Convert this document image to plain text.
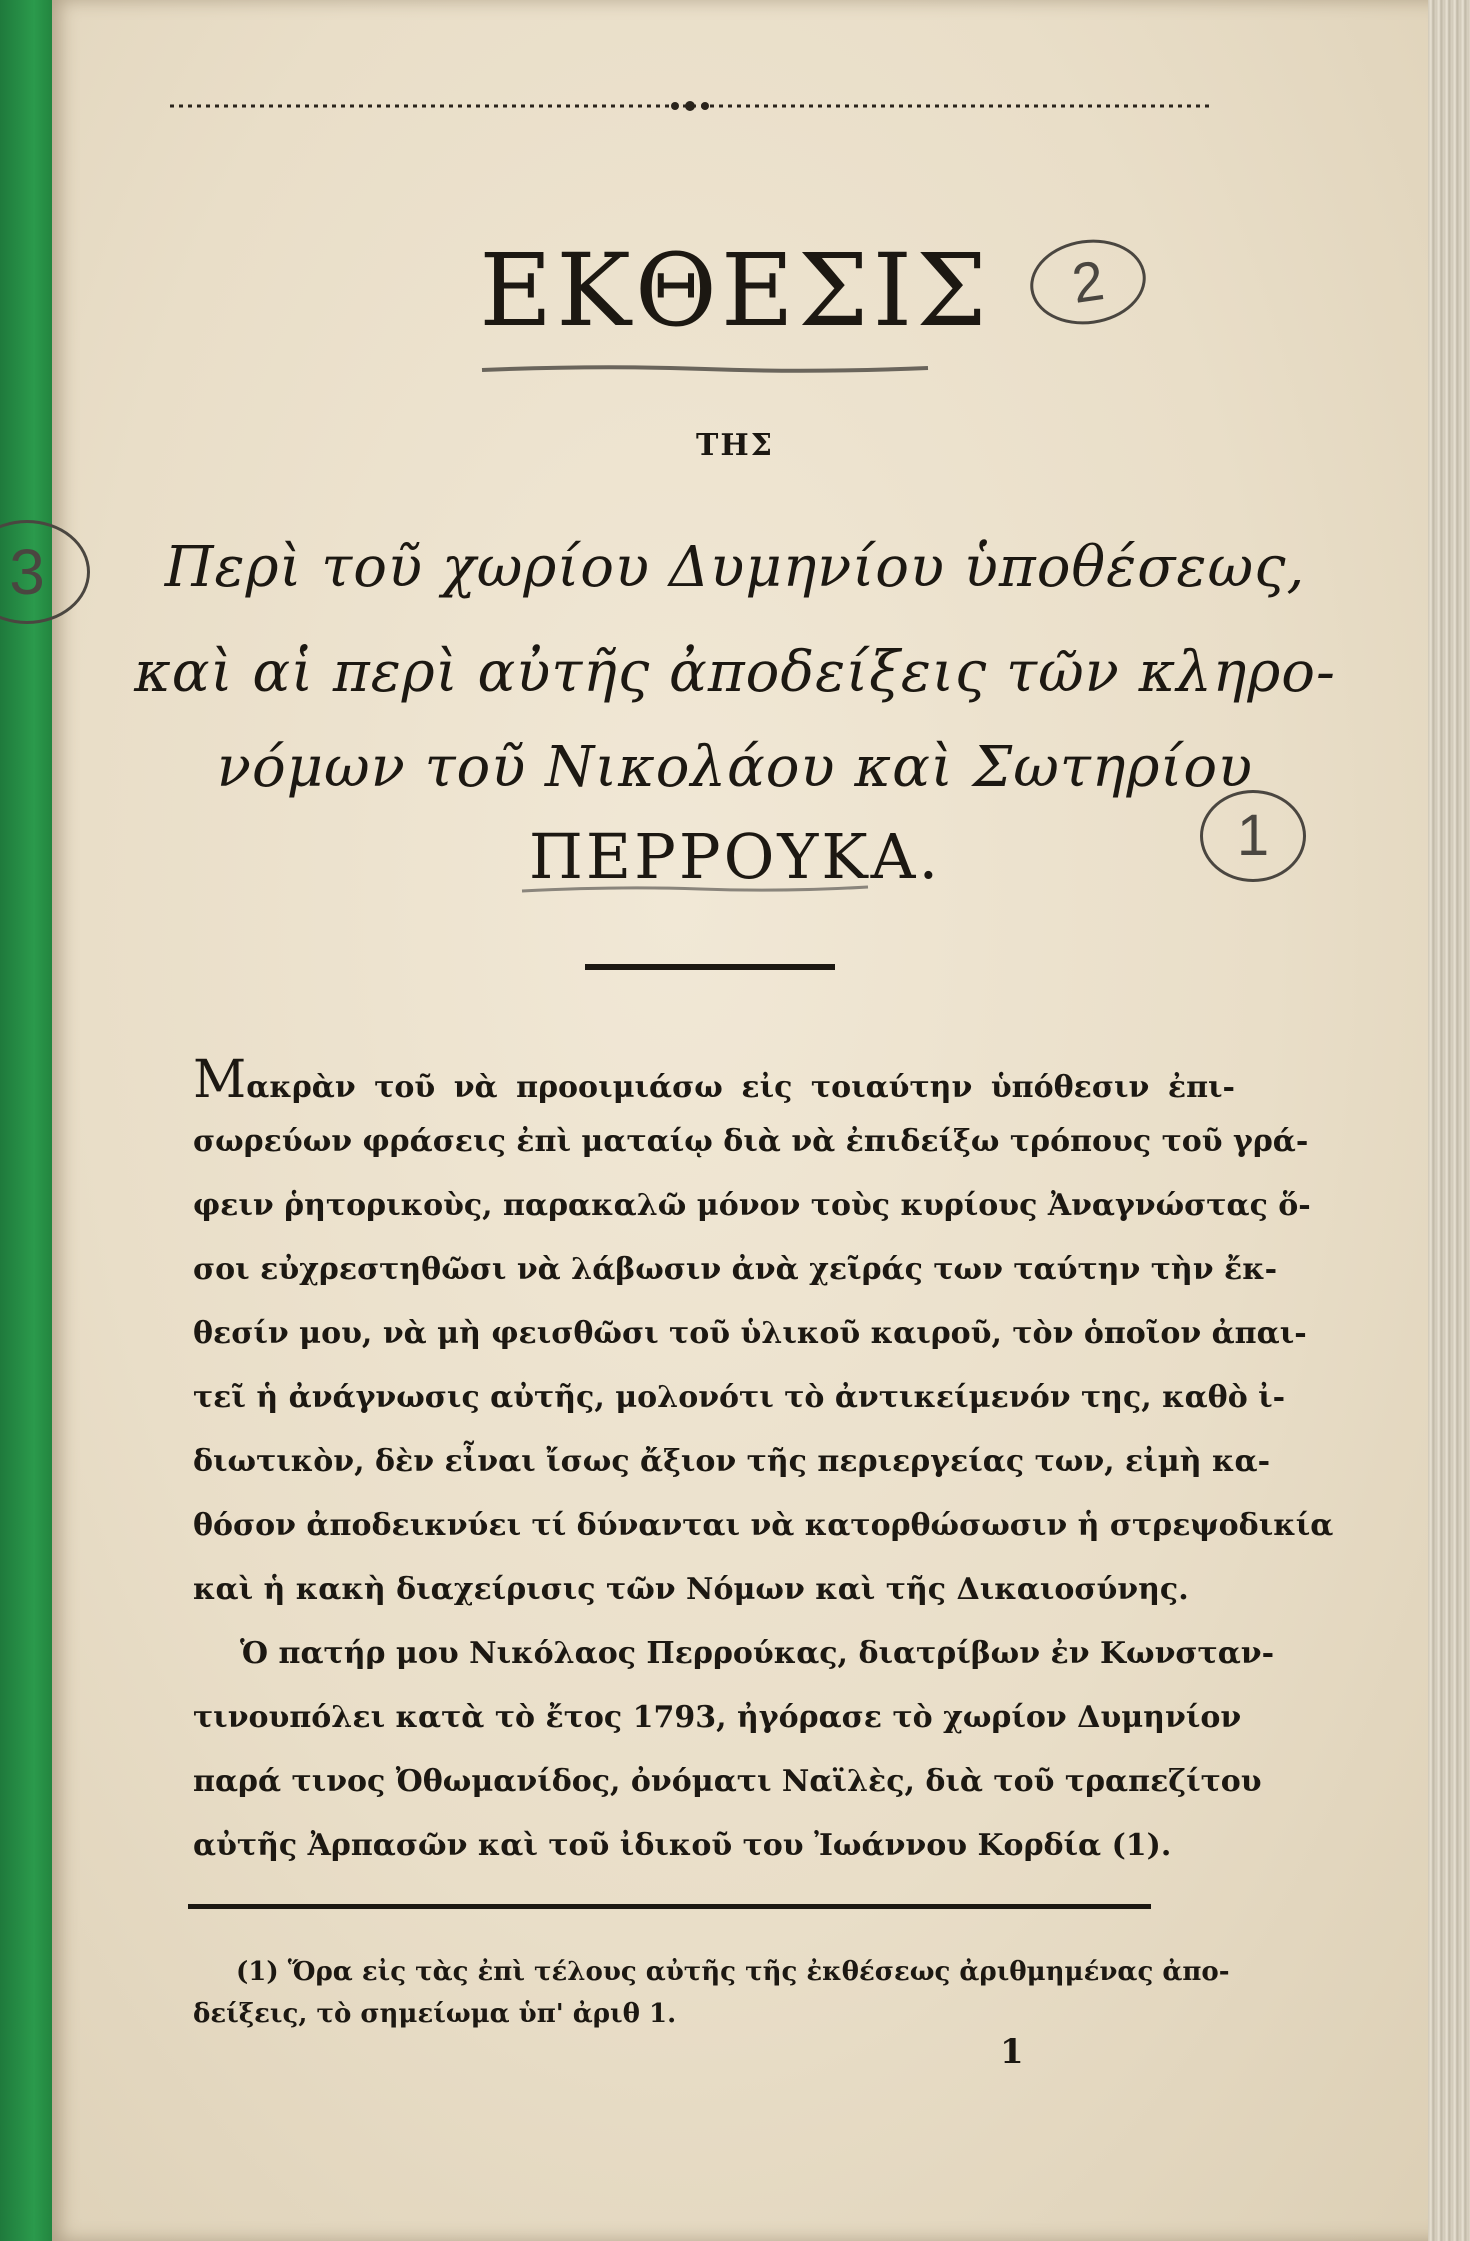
ΕΚΘΕΣΙΣ	2
3
1
ΤΗΣ
Περὶ τοῦ χωρίου Δυμηνίου ὑποθέσεως,
καὶ αἱ περὶ αὐτῆς ἀποδείξεις τῶν κληρο-
νόμων τοῦ Νικολάου καὶ Σωτηρίου
ΠΕΡΡΟΥΚΑ.
Μακρὰν τοῦ νὰ προοιμιάσω εἰς τοιαύτην ὑπόθεσιν ἐπι-
σωρεύων φράσεις ἐπὶ ματαίῳ διὰ νὰ ἐπιδείξω τρόπους τοῦ γρά-
φειν ῥητορικοὺς, παρακαλῶ μόνον τοὺς κυρίους Ἀναγνώστας ὅ-
σοι εὐχρεστηθῶσι νὰ λάβωσιν ἀνὰ χεῖράς των ταύτην τὴν ἔκ-
θεσίν μου, νὰ μὴ φεισθῶσι τοῦ ὑλικοῦ καιροῦ, τὸν ὁποῖον ἀπαι-
τεῖ ἡ ἀνάγνωσις αὐτῆς, μολονότι τὸ ἀντικείμενόν της, καθὸ ἰ-
διωτικὸν, δὲν εἶναι ἴσως ἄξιον τῆς περιεργείας των, εἰμὴ κα-
θόσον ἀποδεικνύει τί δύνανται νὰ κατορθώσωσιν ἡ στρεψοδικία
καὶ ἡ κακὴ διαχείρισις τῶν Νόμων καὶ τῆς Δικαιοσύνης.
Ὁ πατήρ μου Νικόλαος Περρούκας, διατρίβων ἐν Κωνσταν-
τινουπόλει κατὰ τὸ ἔτος 1793, ἠγόρασε τὸ χωρίον Δυμηνίον
παρά τινος Ὀθωμανίδος, ὀνόματι Ναϊλὲς, διὰ τοῦ τραπεζίτου
αὐτῆς Ἀρπασῶν καὶ τοῦ ἰδικοῦ του Ἰωάννου Κορδία (1).
(1) Ὅρα εἰς τὰς ἐπὶ τέλους αὐτῆς τῆς ἐκθέσεως ἀριθμημένας ἀπο-
δείξεις, τὸ σημείωμα ὑπ' ἀριθ 1.
1
